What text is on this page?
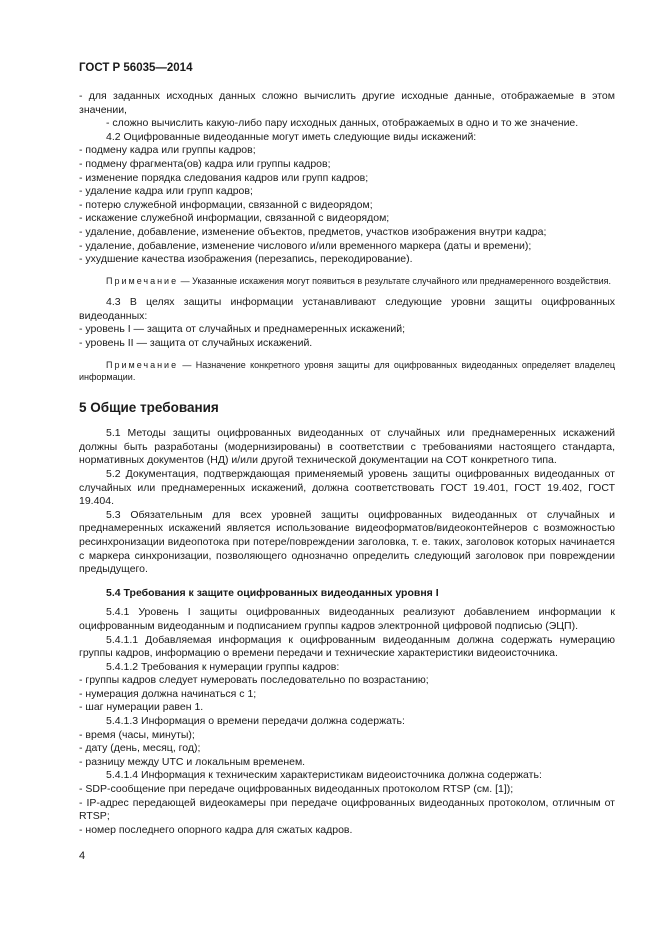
ГОСТ Р 56035—2014

- для заданных исходных данных сложно вычислить другие исходные данные, отображаемые в этом значении,

- сложно вычислить какую-либо пару исходных данных, отображаемых в одно и то же значение.

4.2 Оцифрованные видеоданные могут иметь следующие виды искажений:

- подмену кадра или группы кадров;

- подмену фрагмента(ов) кадра или группы кадров;

- изменение порядка следования кадров или групп кадров;

- удаление кадра или групп кадров;

- потерю служебной информации, связанной с видеорядом;

- искажение служебной информации, связанной с видеорядом;

- удаление, добавление, изменение объектов, предметов, участков изображения внутри кадра;

- удаление, добавление, изменение числового и/или временного маркера (даты и времени);

- ухудшение качества изображения (перезапись, перекодирование).

Примечание — Указанные искажения могут появиться в результате случайного или преднамеренного воздействия.

4.3 В целях защиты информации устанавливают следующие уровни защиты оцифрованных видеоданных:

- уровень I — защита от случайных и преднамеренных искажений;

- уровень II — защита от случайных искажений.

Примечание — Назначение конкретного уровня защиты для оцифрованных видеоданных определяет владелец информации.

5 Общие требования

5.1 Методы защиты оцифрованных видеоданных от случайных или преднамеренных искажений должны быть разработаны (модернизированы) в соответствии с требованиями настоящего стандарта, нормативных документов (НД) и/или другой технической документации на СОТ конкретного типа.

5.2 Документация, подтверждающая применяемый уровень защиты оцифрованных видеоданных от случайных или преднамеренных искажений, должна соответствовать ГОСТ 19.401, ГОСТ 19.402, ГОСТ 19.404.

5.3 Обязательным для всех уровней защиты оцифрованных видеоданных от случайных и преднамеренных искажений является использование видеоформатов/видеоконтейнеров с возможностью ресинхронизации видеопотока при потере/повреждении заголовка, т. е. таких, заголовок которых начинается с маркера синхронизации, позволяющего однозначно определить следующий заголовок при повреждении предыдущего.

5.4 Требования к защите оцифрованных видеоданных уровня I

5.4.1 Уровень I защиты оцифрованных видеоданных реализуют добавлением информации к оцифрованным видеоданным и подписанием группы кадров электронной цифровой подписью (ЭЦП).

5.4.1.1 Добавляемая информация к оцифрованным видеоданным должна содержать нумерацию группы кадров, информацию о времени передачи и технические характеристики видеоисточника.

5.4.1.2 Требования к нумерации группы кадров:

- группы кадров следует нумеровать последовательно по возрастанию;

- нумерация должна начинаться с 1;

- шаг нумерации равен 1.

5.4.1.3 Информация о времени передачи должна содержать:

- время (часы, минуты);

- дату (день, месяц, год);

- разницу между UTC и локальным временем.

5.4.1.4 Информация к техническим характеристикам видеоисточника должна содержать:

- SDP-сообщение при передаче оцифрованных видеоданных протоколом RTSP (см. [1]);

- IP-адрес передающей видеокамеры при передаче оцифрованных видеоданных протоколом, отличным от RTSP;

- номер последнего опорного кадра для сжатых кадров.

4
